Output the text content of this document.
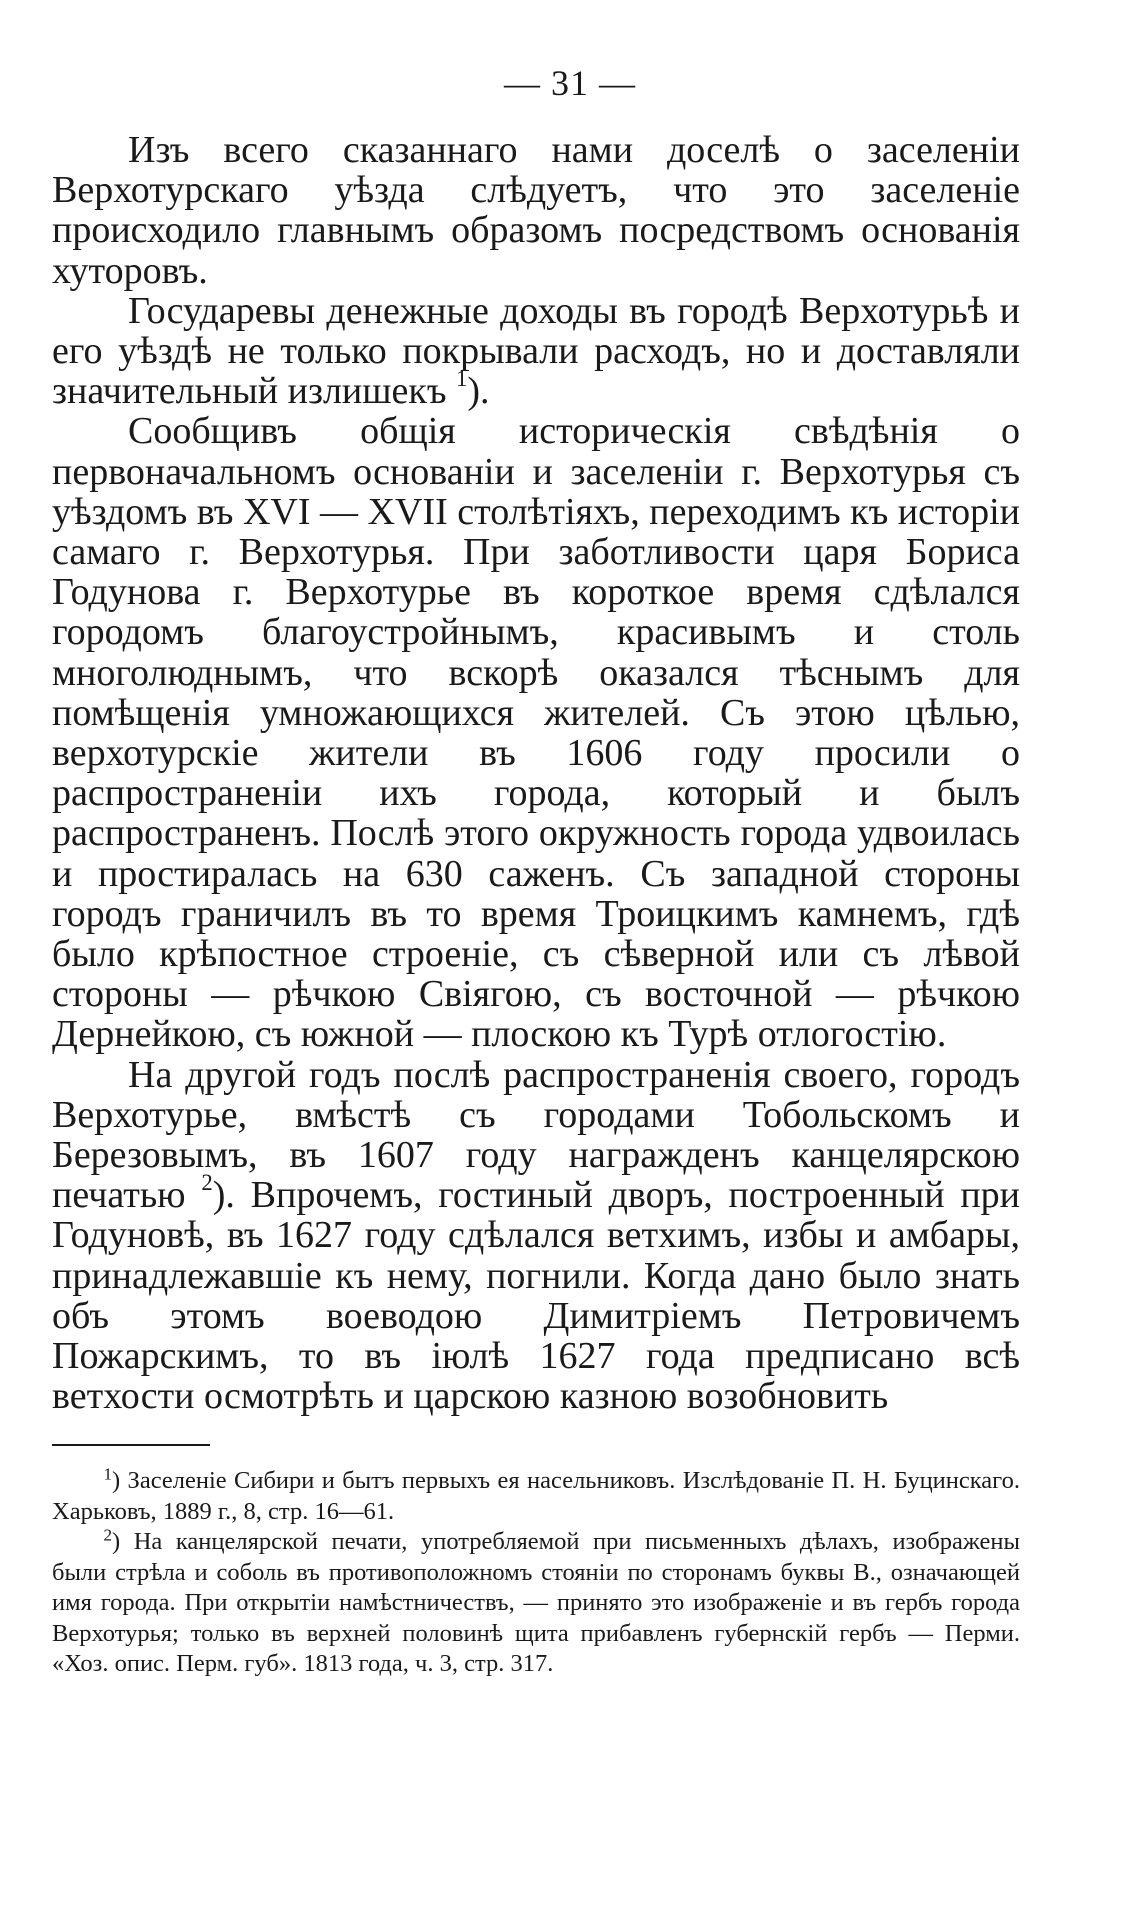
— 31 —

Изъ всего сказаннаго нами доселѣ о заселеніи Верхотурскаго уѣзда слѣдуетъ, что это заселеніе происходило главнымъ образомъ посредствомъ основанія хуторовъ.

Государевы денежные доходы въ городѣ Верхотурьѣ и его уѣздѣ не только покрывали расходъ, но и доставляли значительный излишекъ $^1$).

Сообщивъ общія историческія свѣдѣнія о первоначальномъ основаніи и заселеніи г. Верхотурья съ уѣздомъ въ XVI — XVII столѣтіяхъ, переходимъ къ исторіи самаго г. Верхотурья. При заботливости царя Бориса Годунова г. Верхотурье въ короткое время сдѣлался городомъ благоустройнымъ, красивымъ и столь многолюднымъ, что вскорѣ оказался тѣснымъ для помѣщенія умножающихся жителей. Съ этою цѣлью, верхотурскіе жители въ 1606 году просили о распространеніи ихъ города, который и былъ распространенъ. Послѣ этого окружность города удвоилась и простиралась на 630 саженъ. Съ западной стороны городъ граничилъ въ то время Троицкимъ камнемъ, гдѣ было крѣпостное строеніе, съ сѣверной или съ лѣвой стороны — рѣчкою Свіягою, съ восточной — рѣчкою Дернейкою, съ южной — плоскою къ Турѣ отлогостію.

На другой годъ послѣ распространенія своего, городъ Верхотурье, вмѣстѣ съ городами Тобольскомъ и Березовымъ, въ 1607 году награжденъ канцелярскою печатью $^2$). Впрочемъ, гостиный дворъ, построенный при Годуновѣ, въ 1627 году сдѣлался ветхимъ, избы и амбары, принадлежавшіе къ нему, погнили. Когда дано было знать объ этомъ воеводою Димитріемъ Петровичемъ Пожарскимъ, то въ іюлѣ 1627 года предписано всѣ ветхости осмотрѣть и царскою казною возобновить

$^1$) Заселеніе Сибири и бытъ первыхъ ея насельниковъ. Изслѣдованіе П. Н. Буцинскаго. Харьковъ, 1889 г., 8, стр. 16—61.

$^2$) На канцелярской печати, употребляемой при письменныхъ дѣлахъ, изображены были стрѣла и соболь въ противоположномъ стояніи по сторонамъ буквы В., означающей имя города. При открытіи намѣстничествъ, — принято это изображеніе и въ гербъ города Верхотурья; только въ верхней половинѣ щита прибавленъ губернскій гербъ — Перми. «Хоз. опис. Перм. губ». 1813 года, ч. 3, стр. 317.
